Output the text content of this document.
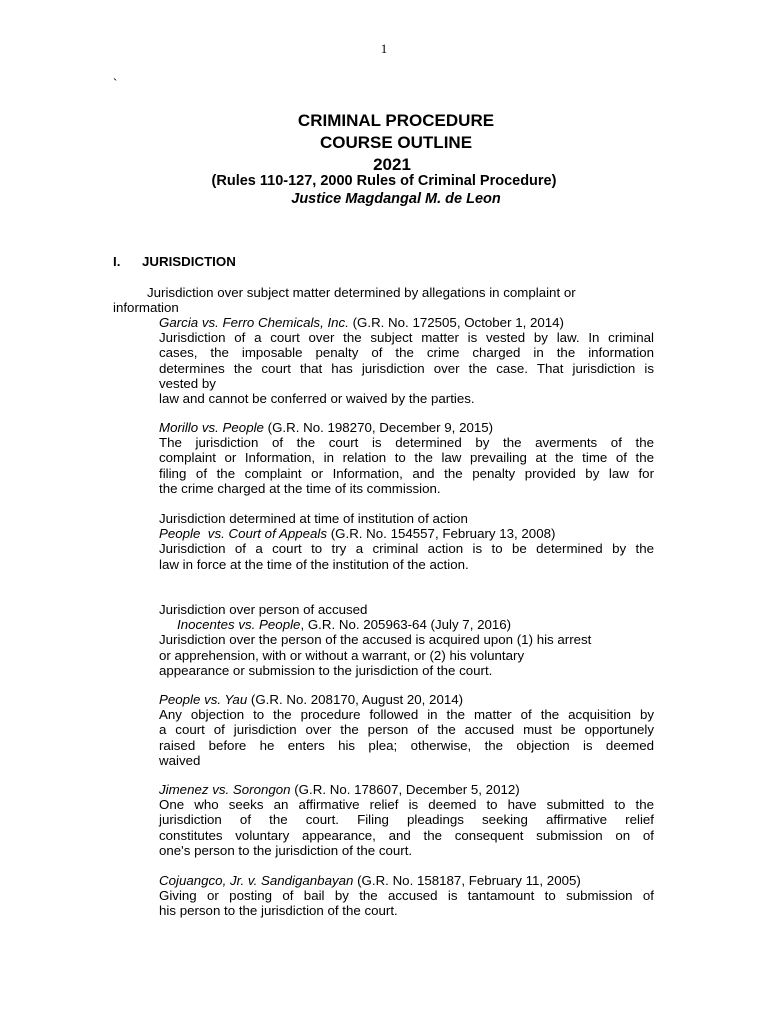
1
`
CRIMINAL PROCEDURE
COURSE OUTLINE
2021
(Rules 110-127, 2000 Rules of Criminal Procedure)
Justice Magdangal M. de Leon
I. JURISDICTION
Jurisdiction over subject matter determined by allegations in complaint or
information
Garcia vs. Ferro Chemicals, Inc. (G.R. No. 172505, October 1, 2014)
Jurisdiction of a court over the subject matter is vested by law. In criminal
cases, the imposable penalty of the crime charged in the information
determines the court that has jurisdiction over the case. That jurisdiction is
vested by
law and cannot be conferred or waived by the parties.
Morillo vs. People (G.R. No. 198270, December 9, 2015)
The jurisdiction of the court is determined by the averments of the
complaint or Information, in relation to the law prevailing at the time of the
filing of the complaint or Information, and the penalty provided by law for
the crime charged at the time of its commission.
Jurisdiction determined at time of institution of action
People  vs. Court of Appeals (G.R. No. 154557, February 13, 2008)
Jurisdiction of a court to try a criminal action is to be determined by the
law in force at the time of the institution of the action.
Jurisdiction over person of accused
Inocentes vs. People, G.R. No. 205963-64 (July 7, 2016)
Jurisdiction over the person of the accused is acquired upon (1) his arrest
or apprehension, with or without a warrant, or (2) his voluntary
appearance or submission to the jurisdiction of the court.
People vs. Yau (G.R. No. 208170, August 20, 2014)
Any objection to the procedure followed in the matter of the acquisition by
a court of jurisdiction over the person of the accused must be opportunely
raised before he enters his plea; otherwise, the objection is deemed
waived
Jimenez vs. Sorongon (G.R. No. 178607, December 5, 2012)
One who seeks an affirmative relief is deemed to have submitted to the
jurisdiction of the court. Filing pleadings seeking affirmative relief
constitutes voluntary appearance, and the consequent submission on of
one's person to the jurisdiction of the court.
Cojuangco, Jr. v. Sandiganbayan (G.R. No. 158187, February 11, 2005)
Giving or posting of bail by the accused is tantamount to submission of
his person to the jurisdiction of the court.
